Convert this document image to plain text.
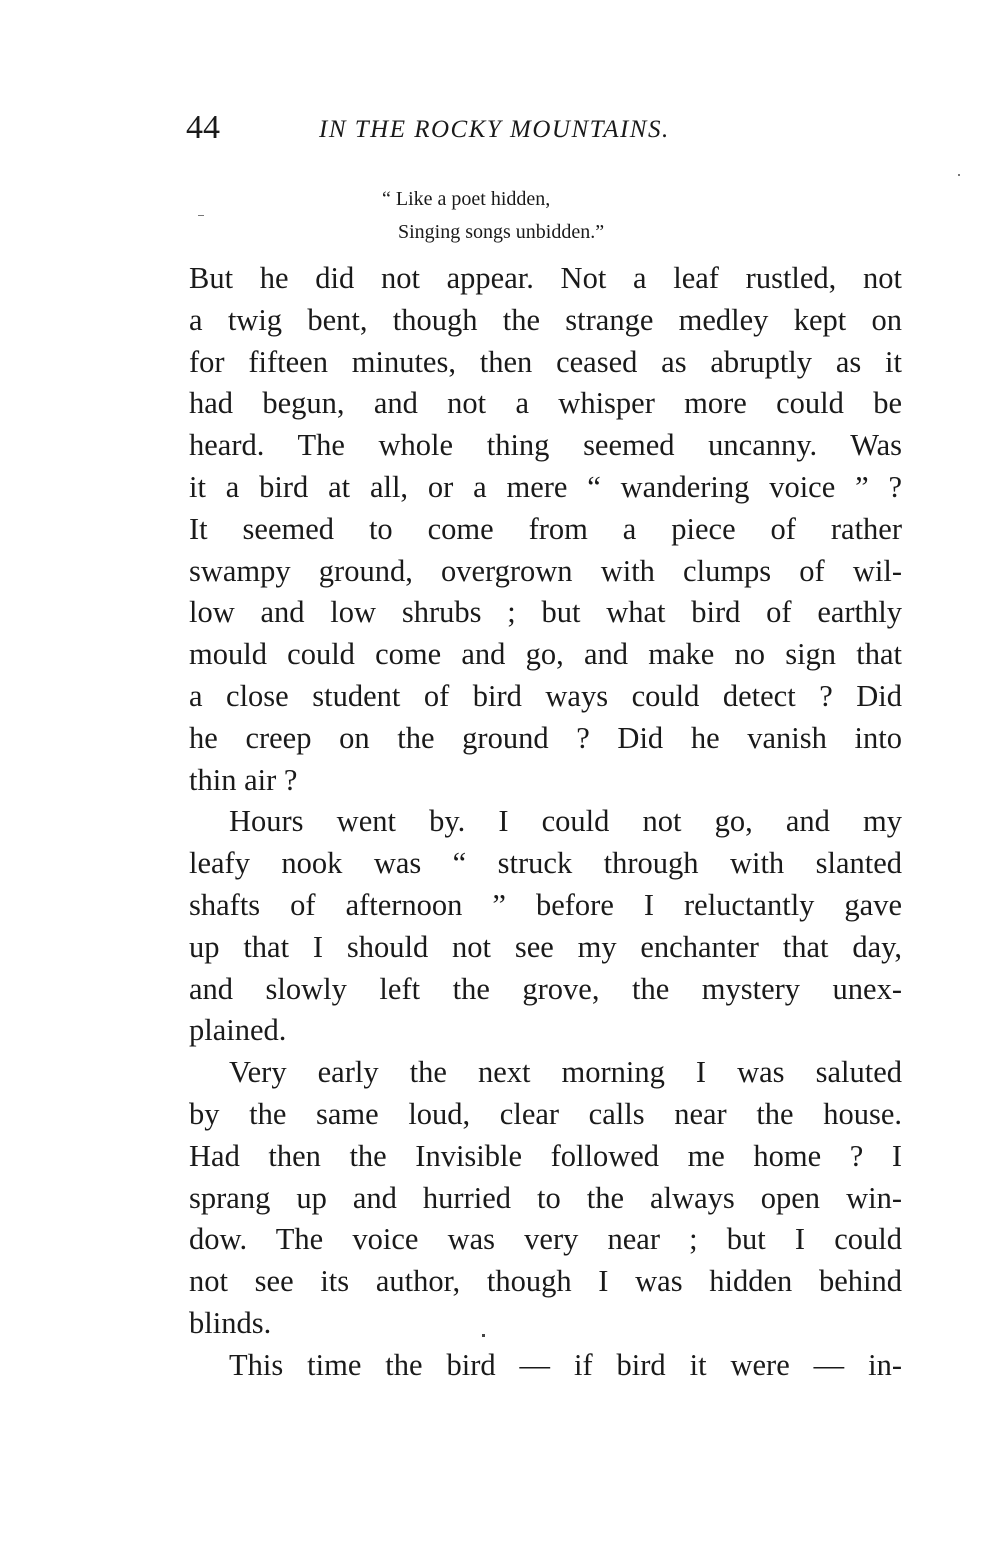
44	IN THE ROCKY MOUNTAINS.
“ Like a poet hidden,
Singing songs unbidden.”
But he did not appear. Not a leaf rustled, not
a twig bent, though the strange medley kept on
for fifteen minutes, then ceased as abruptly as it
had begun, and not a whisper more could be
heard. The whole thing seemed uncanny. Was
it a bird at all, or a mere “ wandering voice ” ?
It seemed to come from a piece of rather
swampy ground, overgrown with clumps of wil-
low and low shrubs ; but what bird of earthly
mould could come and go, and make no sign that
a close student of bird ways could detect ? Did
he creep on the ground ? Did he vanish into
thin air ?
Hours went by. I could not go, and my
leafy nook was “ struck through with slanted
shafts of afternoon ” before I reluctantly gave
up that I should not see my enchanter that day,
and slowly left the grove, the mystery unex-
plained.
Very early the next morning I was saluted
by the same loud, clear calls near the house.
Had then the Invisible followed me home ? I
sprang up and hurried to the always open win-
dow. The voice was very near ; but I could
not see its author, though I was hidden behind
blinds.
This time the bird — if bird it were — in-
